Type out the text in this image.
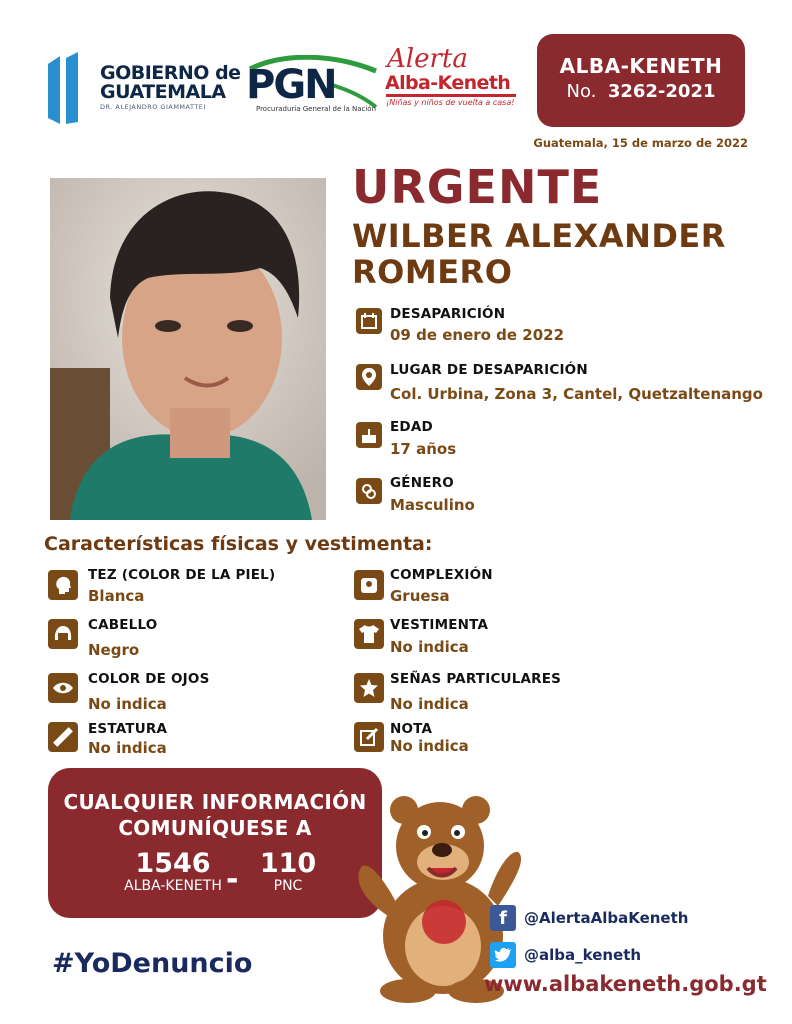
GOBIERNO de
GUATEMALA
DR. ALEJANDRO GIAMMATTEI PGN
Procuraduría General de la Nación
Alerta
Alba-Keneth
¡Niñas y niños de vuelta a casa!
ALBA-KENETH
No. 3262-2021
Guatemala, 15 de marzo de 2022
URGENTE
WILBER ALEXANDER
ROMERO
DESAPARICIÓN
09 de enero de 2022
LUGAR DE DESAPARICIÓN
Col. Urbina, Zona 3, Cantel, Quetzaltenango
EDAD
17 años
GÉNERO
Masculino
Características físicas y vestimenta:
TEZ (COLOR DE LA PIEL)
Blanca
CABELLO
Negro
COLOR DE OJOS
No indica
ESTATURA
No indica
COMPLEXIÓN
Gruesa
VESTIMENTA
No indica
SEÑAS PARTICULARES
No indica
NOTA
No indica
CUALQUIER INFORMACIÓN
COMUNÍQUESE A
1546
ALBA-KENETH - 110
PNC
#YoDenuncio
f	@AlertaAlbaKeneth
@alba_keneth
www.albakeneth.gob.gt
